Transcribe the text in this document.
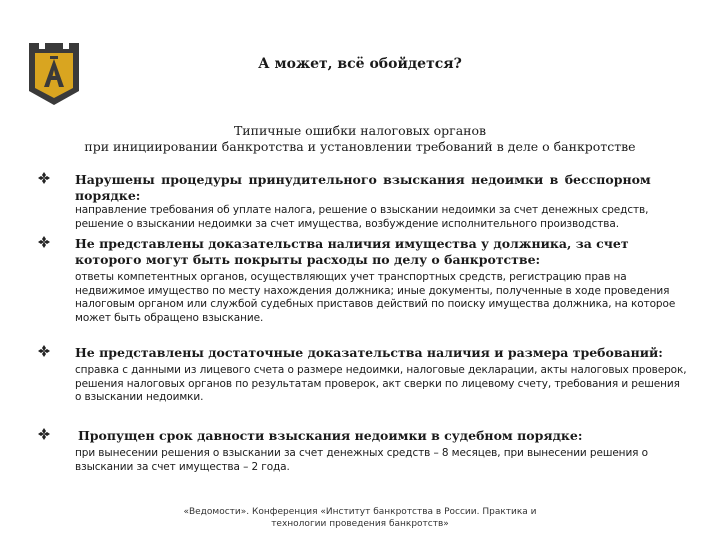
А может, всё обойдется?
Типичные ошибки налоговых органов
при инициировании банкротства и установлении требований в деле о банкротстве
Нарушены процедуры принудительного взыскания недоимки в бесспорном порядке:
направление требования об уплате налога, решение о взыскании недоимки за счет денежных средств, решение о взыскании недоимки за счет имущества, возбуждение исполнительного производства.
Не представлены доказательства наличия имущества у должника, за счет которого могут быть покрыты расходы по делу о банкротстве:
ответы компетентных органов, осуществляющих учет транспортных средств, регистрацию прав на недвижимое имущество по месту нахождения должника; иные документы, полученные в ходе проведения налоговым органом или службой судебных приставов действий по поиску имущества должника, на которое может быть обращено взыскание.
Не представлены достаточные доказательства наличия и размера требований:
справка с данными из лицевого счета о размере недоимки, налоговые декларации, акты налоговых проверок, решения налоговых органов по результатам проверок, акт сверки по лицевому счету, требования и решения о взыскании недоимки.
Пропущен срок давности взыскания недоимки в судебном порядке:
при вынесении решения о взыскании за счет денежных средств – 8 месяцев, при вынесении решения о взыскании за счет имущества – 2 года.
«Ведомости». Конференция «Институт банкротства в России. Практика и
технологии проведения банкротств»
